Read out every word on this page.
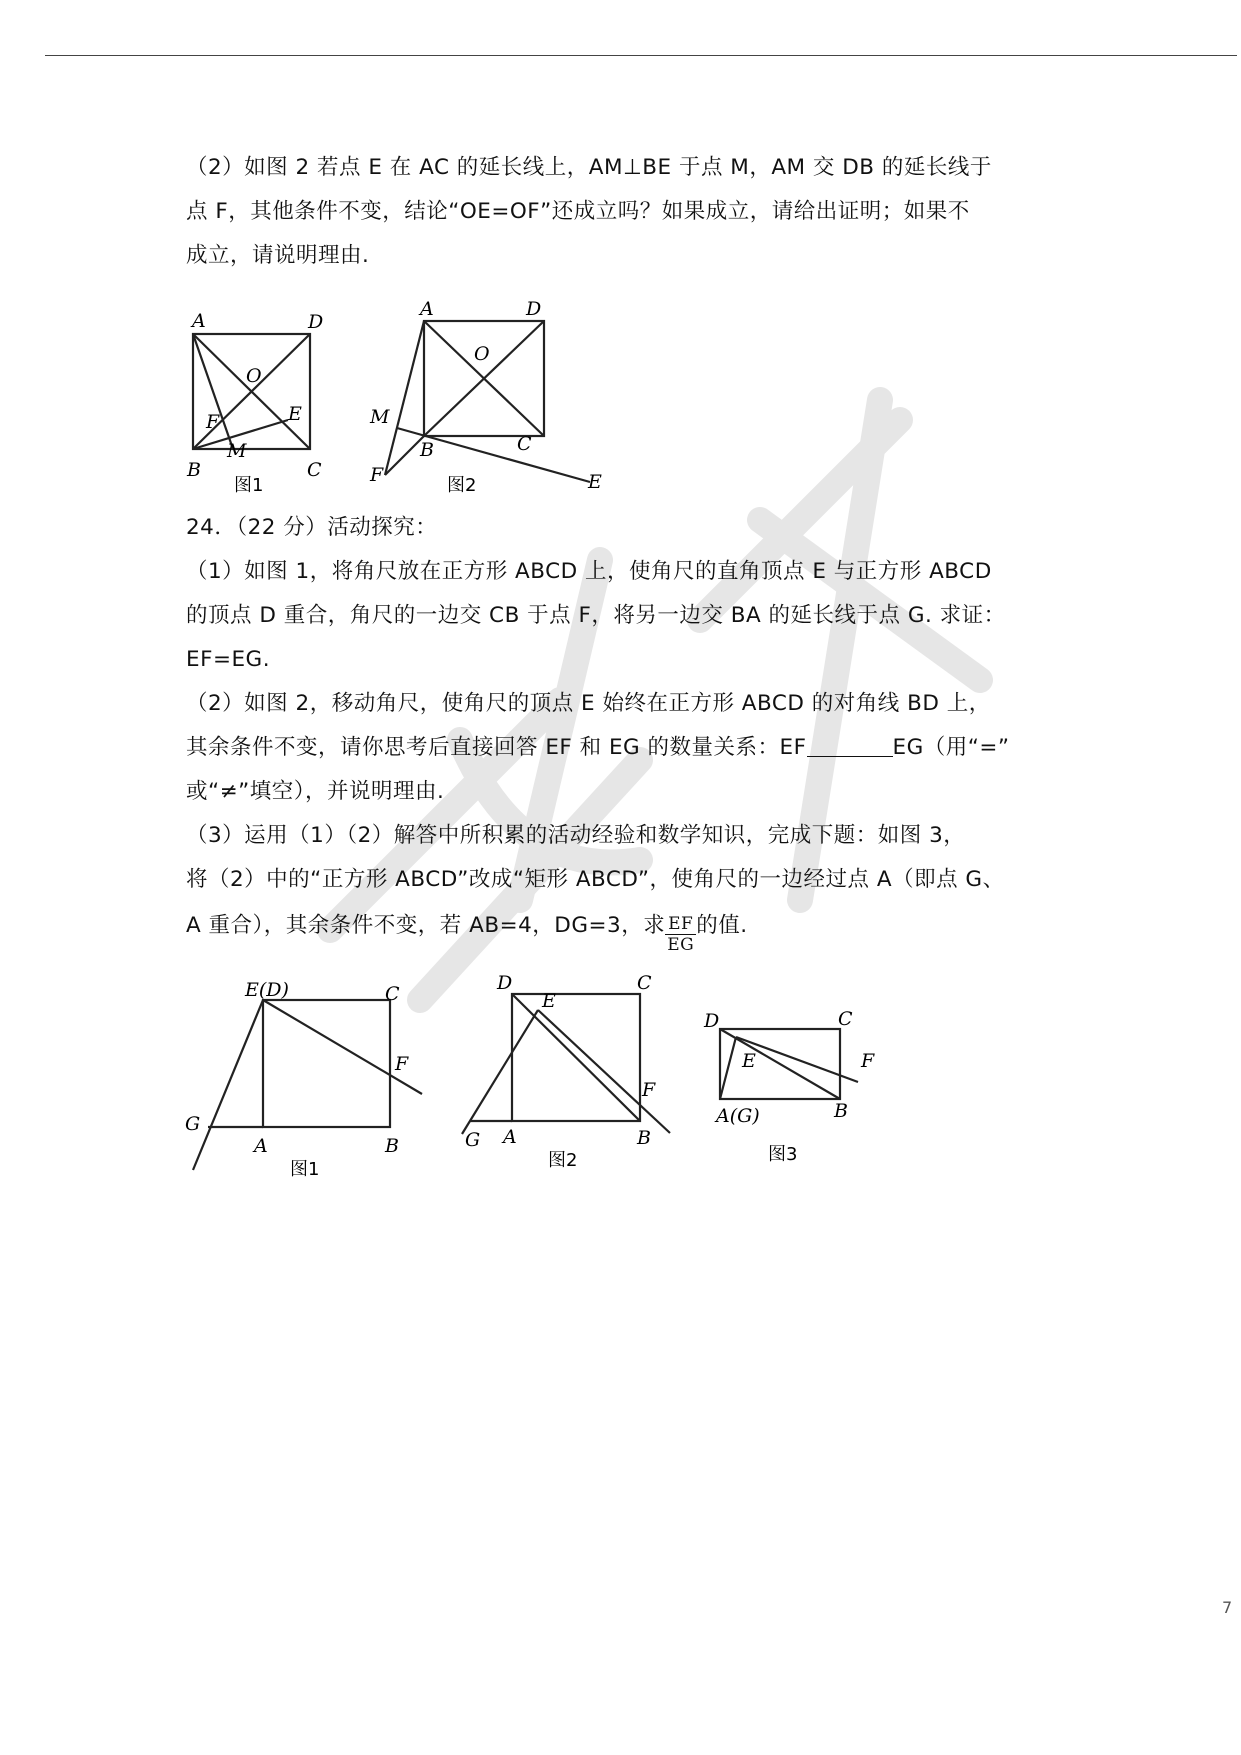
（2）如图 2 若点 E 在 AC 的延长线上，AM⊥BE 于点 M，AM 交 DB 的延长线于
点 F，其他条件不变，结论“OE=OF”还成立吗？如果成立，请给出证明；如果不
成立，请说明理由.
A	D
O
F	E
M
B	C
图1
A	D
O
M
B	C
F	E
图2
24．（22 分）活动探究：
（1）如图 1，将角尺放在正方形 ABCD 上，使角尺的直角顶点 E 与正方形 ABCD
的顶点 D 重合，角尺的一边交 CB 于点 F，将另一边交 BA 的延长线于点 G. 求证：
EF=EG.
（2）如图 2，移动角尺，使角尺的顶点 E 始终在正方形 ABCD 的对角线 BD 上，
其余条件不变，请你思考后直接回答 EF 和 EG 的数量关系：EF	EG（用“=”
或“≠”填空），并说明理由.
（3）运用（1）（2）解答中所积累的活动经验和数学知识，完成下题：如图 3，
将（2）中的“正方形 ABCD”改成“矩形 ABCD”，使角尺的一边经过点 A（即点 G、
A 重合），其余条件不变，若 AB=4，DG=3，求 $\frac{EF}{EG}$ 的值.
E(D)	C
F
G
A	B
图1
D	C
E
F
G A	B
图2
D	C
E	F
A(G)	B
图3
7
